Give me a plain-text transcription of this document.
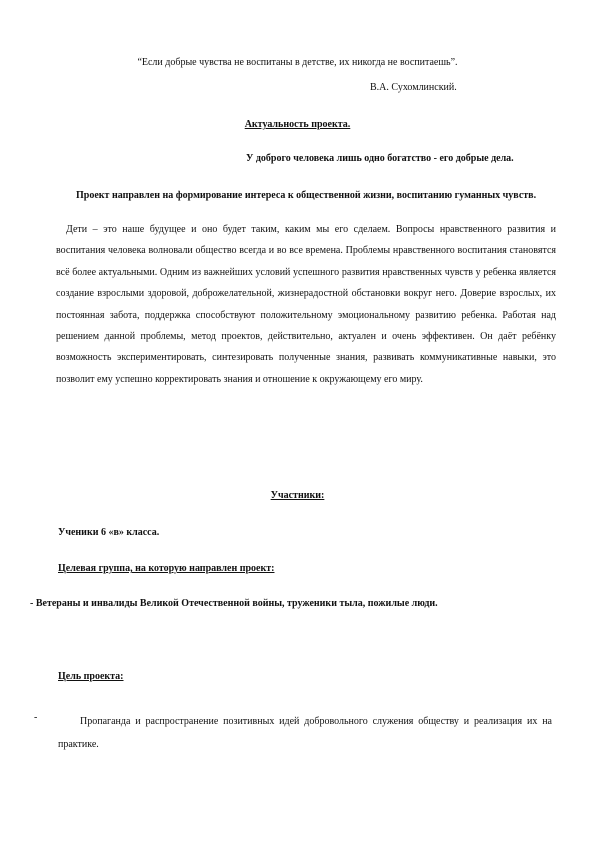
“Если добрые чувства не воспитаны в детстве, их никогда не воспитаешь”.
В.А. Сухомлинский.
Актуальность проекта.
У доброго человека лишь одно богатство - его добрые дела.
Проект направлен на формирование интереса к общественной жизни, воспитанию гуманных чувств.
Дети – это наше будущее и оно будет таким, каким мы его сделаем. Вопросы нравственного развития и воспитания человека волновали общество всегда и во все времена. Проблемы нравственного воспитания становятся всё более актуальными. Одним из важнейших условий успешного развития нравственных чувств у ребенка является создание взрослыми здоровой, доброжелательной, жизнерадостной обстановки вокруг него. Доверие взрослых, их постоянная забота, поддержка способствуют положительному эмоциональному развитию ребенка. Работая над решением данной проблемы, метод проектов, действительно, актуален и очень эффективен. Он даёт ребёнку возможность экспериментировать, синтезировать полученные знания, развивать коммуникативные навыки, это позволит ему успешно корректировать знания и отношение к окружающему его миру.
Участники:
Ученики 6 «в» класса.
Целевая группа, на которую направлен проект:
- Ветераны и инвалиды Великой Отечественной войны, труженики тыла, пожилые люди.
Цель проекта:
-	Пропаганда и распространение позитивных идей добровольного служения обществу и реализация их на практике.
